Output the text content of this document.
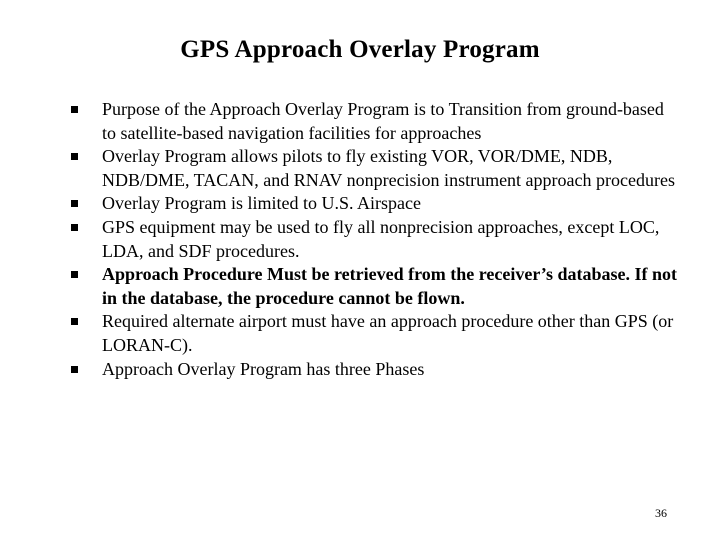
GPS Approach Overlay Program
Purpose of the Approach Overlay Program is to Transition from ground-based to satellite-based navigation facilities for approaches
Overlay Program allows pilots to fly existing VOR, VOR/DME, NDB, NDB/DME, TACAN, and RNAV nonprecision instrument approach procedures
Overlay Program is limited to U.S. Airspace
GPS equipment may be used to fly all nonprecision approaches, except LOC, LDA, and SDF procedures.
Approach Procedure Must be retrieved from the receiver’s database. If not in the database, the procedure cannot be flown.
Required alternate airport must have an approach procedure other than GPS (or LORAN-C).
Approach Overlay Program has three Phases
36
